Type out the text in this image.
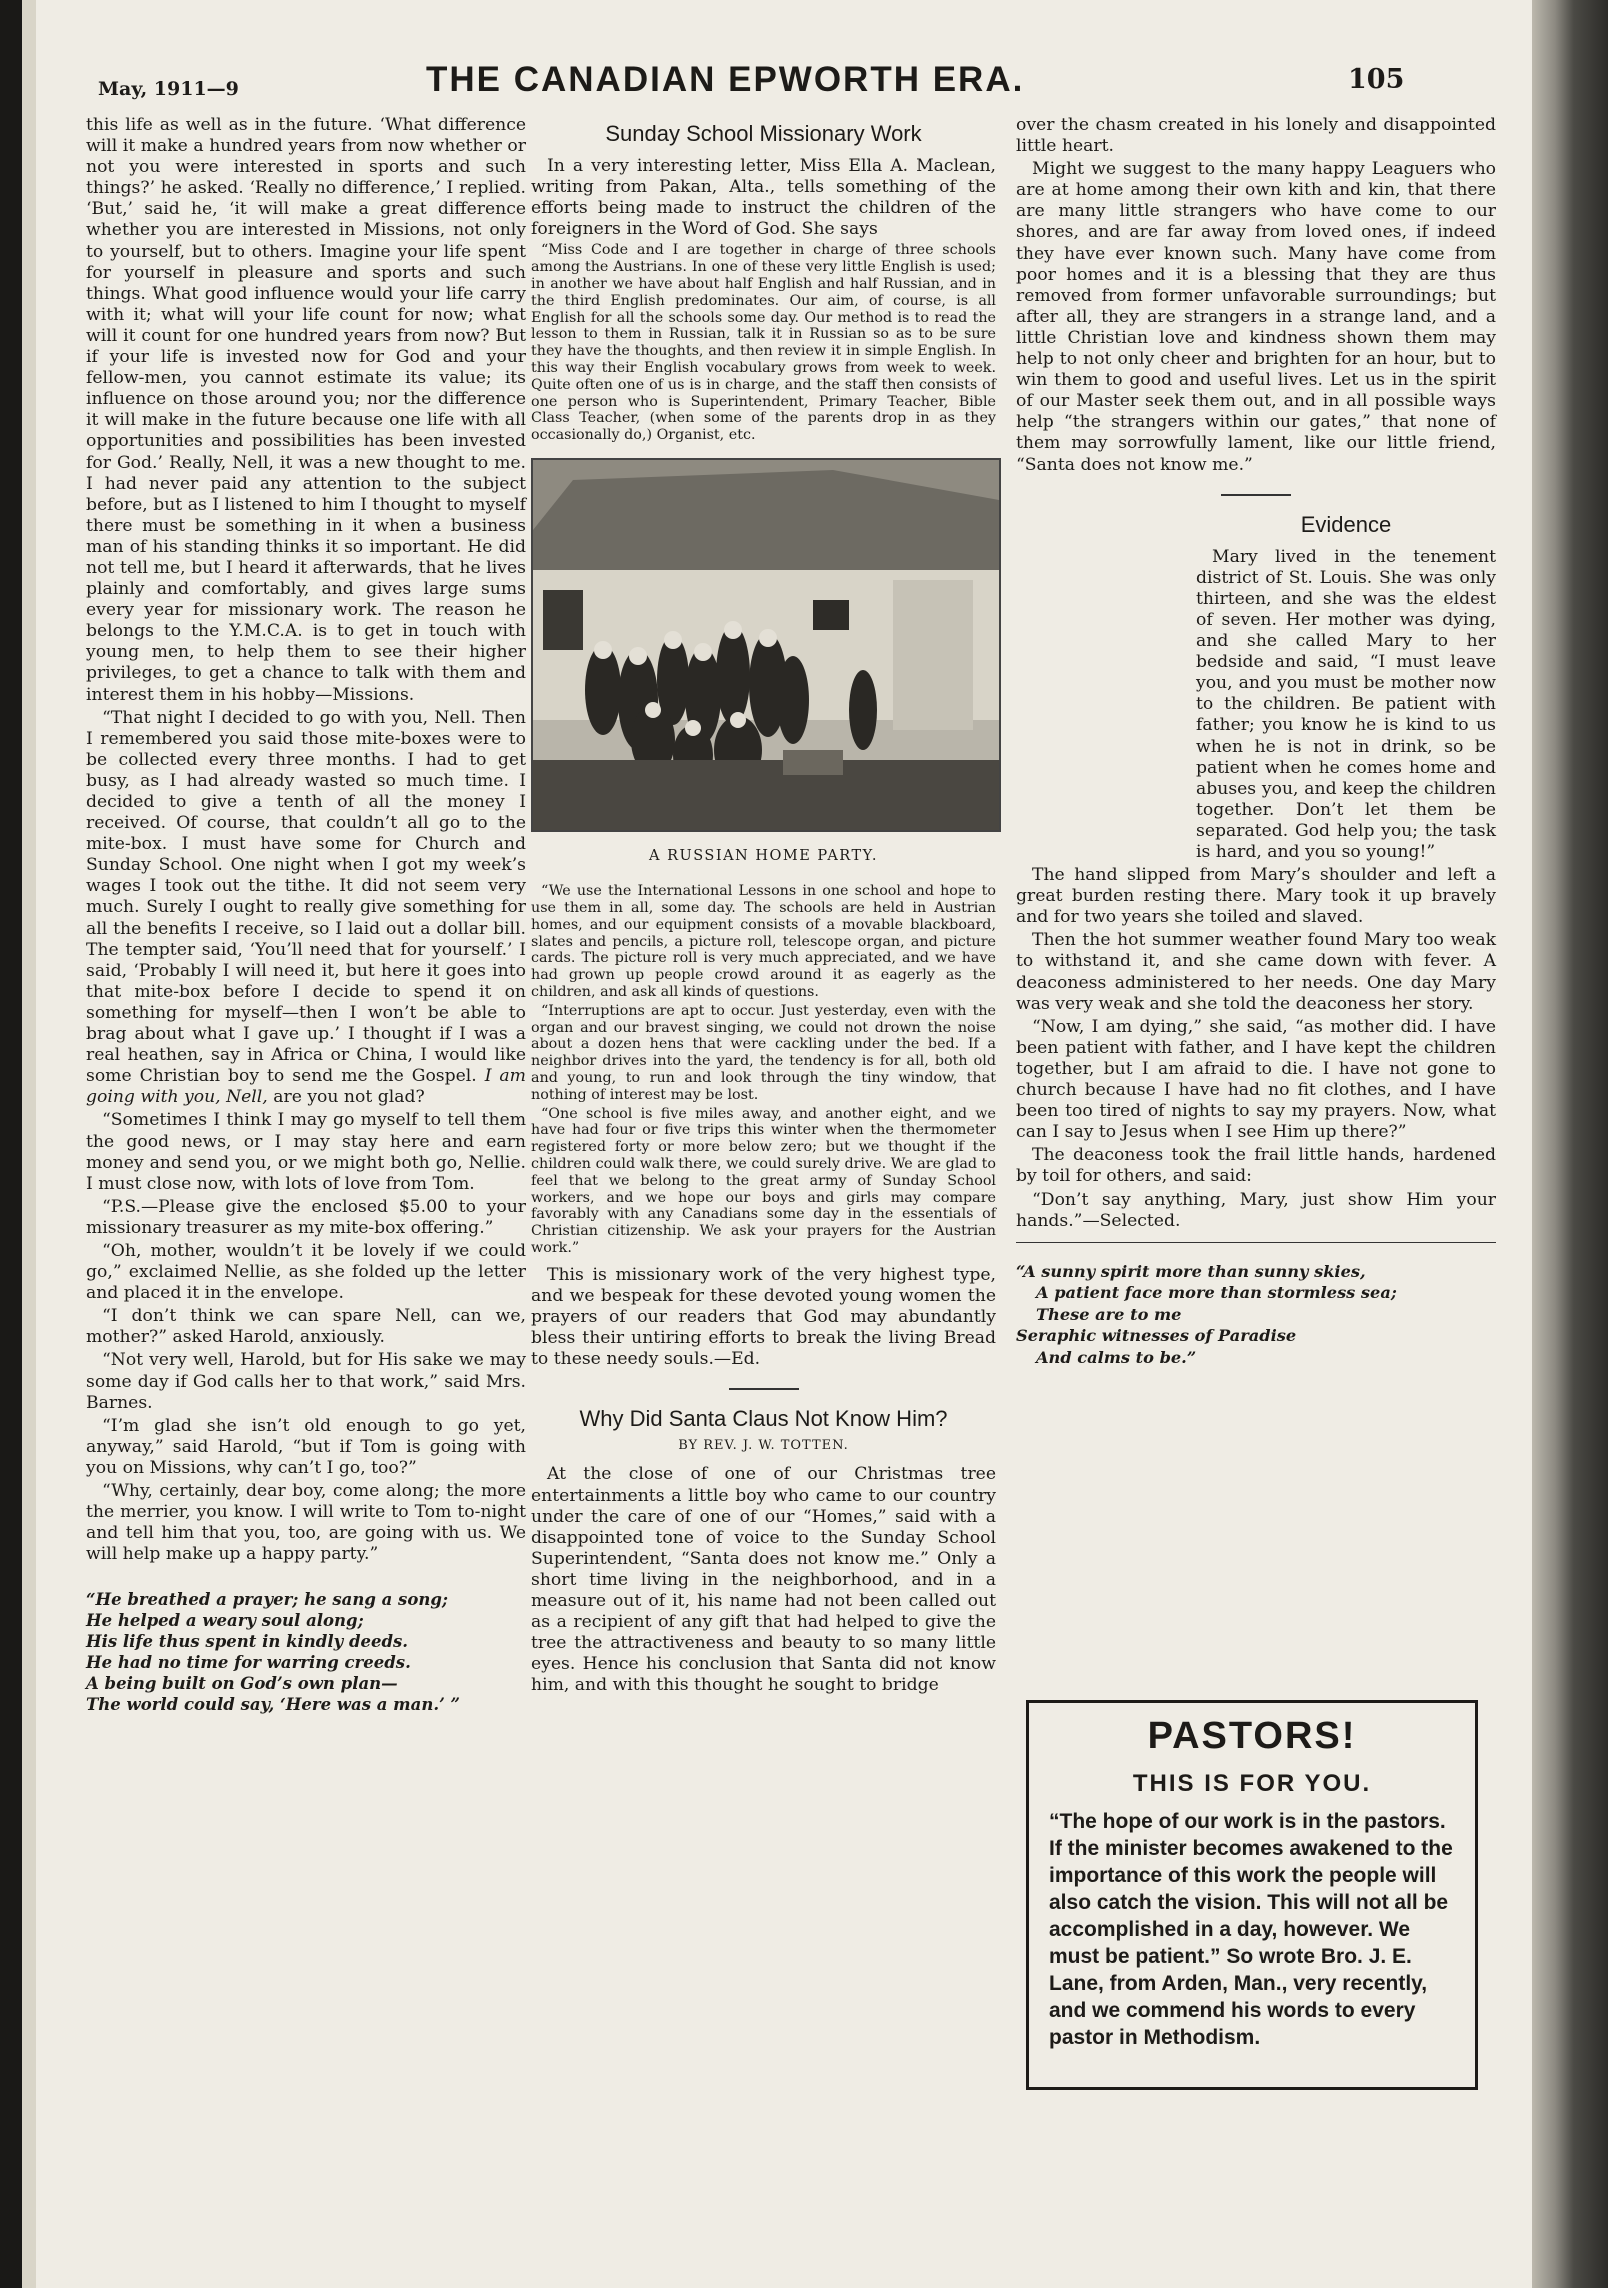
May, 1911—9	THE CANADIAN EPWORTH ERA.	105

this life as well as in the future. ‘What difference will it make a hundred years from now whether or not you were interested in sports and such things?’ he asked. ‘Really no difference,’ I replied. ‘But,’ said he, ‘it will make a great difference whether you are interested in Missions, not only to yourself, but to others. Imagine your life spent for yourself in pleasure and sports and such things. What good influence would your life carry with it; what will your life count for now; what will it count for one hundred years from now? But if your life is invested now for God and your fellow-men, you cannot estimate its value; its influence on those around you; nor the difference it will make in the future because one life with all opportunities and possibilities has been invested for God.’ Really, Nell, it was a new thought to me. I had never paid any attention to the subject before, but as I listened to him I thought to myself there must be something in it when a business man of his standing thinks it so important. He did not tell me, but I heard it afterwards, that he lives plainly and comfortably, and gives large sums every year for missionary work. The reason he belongs to the Y.M.C.A. is to get in touch with young men, to help them to see their higher privileges, to get a chance to talk with them and interest them in his hobby—Missions.

“That night I decided to go with you, Nell. Then I remembered you said those mite-boxes were to be collected every three months. I had to get busy, as I had already wasted so much time. I decided to give a tenth of all the money I received. Of course, that couldn’t all go to the mite-box. I must have some for Church and Sunday School. One night when I got my week’s wages I took out the tithe. It did not seem very much. Surely I ought to really give something for all the benefits I receive, so I laid out a dollar bill. The tempter said, ‘You’ll need that for yourself.’ I said, ‘Probably I will need it, but here it goes into that mite-box before I decide to spend it on something for myself—then I won’t be able to brag about what I gave up.’ I thought if I was a real heathen, say in Africa or China, I would like some Christian boy to send me the Gospel. I am going with you, Nell, are you not glad?

“Sometimes I think I may go myself to tell them the good news, or I may stay here and earn money and send you, or we might both go, Nellie. I must close now, with lots of love from Tom.

“P.S.—Please give the enclosed $5.00 to your missionary treasurer as my mite-box offering.”

“Oh, mother, wouldn’t it be lovely if we could go,” exclaimed Nellie, as she folded up the letter and placed it in the envelope.

“I don’t think we can spare Nell, can we, mother?” asked Harold, anxiously.

“Not very well, Harold, but for His sake we may some day if God calls her to that work,” said Mrs. Barnes.

“I’m glad she isn’t old enough to go yet, anyway,” said Harold, “but if Tom is going with you on Missions, why can’t I go, too?”

“Why, certainly, dear boy, come along; the more the merrier, you know. I will write to Tom to-night and tell him that you, too, are going with us. We will help make up a happy party.”

“He breathed a prayer; he sang a song;
He helped a weary soul along;
His life thus spent in kindly deeds.
He had no time for warring creeds.
A being built on God’s own plan—
The world could say, ‘Here was a man.’ ”
Sunday School Missionary Work

In a very interesting letter, Miss Ella A. Maclean, writing from Pakan, Alta., tells something of the efforts being made to instruct the children of the foreigners in the Word of God. She says

“Miss Code and I are together in charge of three schools among the Austrians. In one of these very little English is used; in another we have about half English and half Russian, and in the third English predominates. Our aim, of course, is all English for all the schools some day. Our method is to read the lesson to them in Russian, talk it in Russian so as to be sure they have the thoughts, and then review it in simple English. In this way their English vocabulary grows from week to week. Quite often one of us is in charge, and the staff then consists of one person who is Superintendent, Primary Teacher, Bible Class Teacher, (when some of the parents drop in as they occasionally do,) Organist, etc.

A RUSSIAN HOME PARTY.

“We use the International Lessons in one school and hope to use them in all, some day. The schools are held in Austrian homes, and our equipment consists of a movable blackboard, slates and pencils, a picture roll, telescope organ, and picture cards. The picture roll is very much appreciated, and we have had grown up people crowd around it as eagerly as the children, and ask all kinds of questions.

“Interruptions are apt to occur. Just yesterday, even with the organ and our bravest singing, we could not drown the noise about a dozen hens that were cackling under the bed. If a neighbor drives into the yard, the tendency is for all, both old and young, to run and look through the tiny window, that nothing of interest may be lost.

“One school is five miles away, and another eight, and we have had four or five trips this winter when the thermometer registered forty or more below zero; but we thought if the children could walk there, we could surely drive. We are glad to feel that we belong to the great army of Sunday School workers, and we hope our boys and girls may compare favorably with any Canadians some day in the essentials of Christian citizenship. We ask your prayers for the Austrian work.”

This is missionary work of the very highest type, and we bespeak for these devoted young women the prayers of our readers that God may abundantly bless their untiring efforts to break the living Bread to these needy souls.—Ed.

Why Did Santa Claus Not Know Him?
BY REV. J. W. TOTTEN.

At the close of one of our Christmas tree entertainments a little boy who came to our country under the care of one of our “Homes,” said with a disappointed tone of voice to the Sunday School Superintendent, “Santa does not know me.” Only a short time living in the neighborhood, and in a measure out of it, his name had not been called out as a recipient of any gift that had helped to give the tree the attractiveness and beauty to so many little eyes. Hence his conclusion that Santa did not know him, and with this thought he sought to bridge

over the chasm created in his lonely and disappointed little heart.

Might we suggest to the many happy Leaguers who are at home among their own kith and kin, that there are many little strangers who have come to our shores, and are far away from loved ones, if indeed they have ever known such. Many have come from poor homes and it is a blessing that they are thus removed from former unfavorable surroundings; but after all, they are strangers in a strange land, and a little Christian love and kindness shown them may help to not only cheer and brighten for an hour, but to win them to good and useful lives. Let us in the spirit of our Master seek them out, and in all possible ways help “the strangers within our gates,” that none of them may sorrowfully lament, like our little friend, “Santa does not know me.”

Evidence

Mary lived in the tenement district of St. Louis. She was only thirteen, and she was the eldest of seven. Her mother was dying, and she called Mary to her bedside and said, “I must leave you, and you must be mother now to the children. Be patient with father; you know he is kind to us when he is not in drink, so be patient when he comes home and abuses you, and keep the children together. Don’t let them be separated. God help you; the task is hard, and you so young!”

The hand slipped from Mary’s shoulder and left a great burden resting there. Mary took it up bravely and for two years she toiled and slaved.

Then the hot summer weather found Mary too weak to withstand it, and she came down with fever. A deaconess administered to her needs. One day Mary was very weak and she told the deaconess her story.

“Now, I am dying,” she said, “as mother did. I have been patient with father, and I have kept the children together, but I am afraid to die. I have not gone to church because I have had no fit clothes, and I have been too tired of nights to say my prayers. Now, what can I say to Jesus when I see Him up there?”

The deaconess took the frail little hands, hardened by toil for others, and said:

“Don’t say anything, Mary, just show Him your hands.”—Selected.

“A sunny spirit more than sunny skies,
A patient face more than stormless sea;
These are to me
Seraphic witnesses of Paradise
And calms to be.”
PASTORS!
THIS IS FOR YOU.
“The hope of our work is in the pastors. If the minister becomes awakened to the importance of this work the people will also catch the vision. This will not all be accomplished in a day, however. We must be patient.” So wrote Bro. J. E. Lane, from Arden, Man., very recently, and we commend his words to every pastor in Methodism.
